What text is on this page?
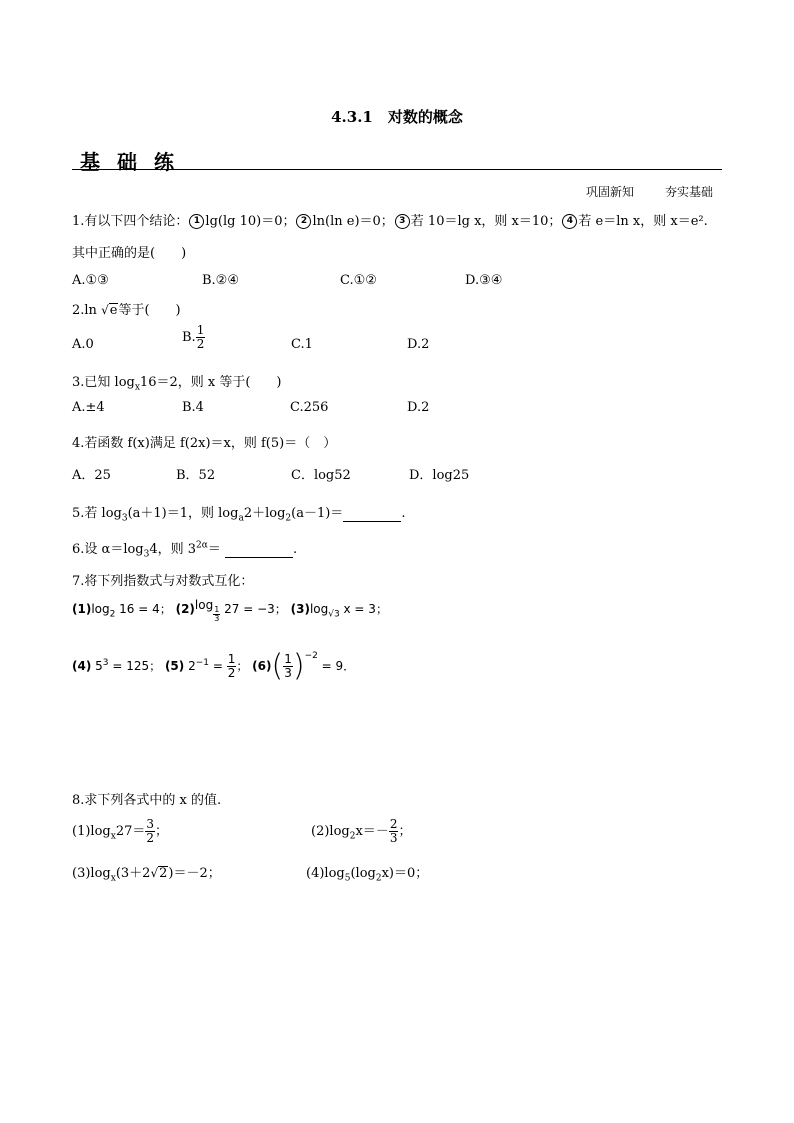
4.3.1　对数的概念
基础练
巩固新知	夯实基础
1.有以下四个结论： 1 lg(lg 10)＝0； 2 ln(ln e)＝0； 3 若 10＝lg x，则 x＝10； 4 若 e＝ln x，则 x＝e².
其中正确的是(　　)
A.①③	B.②④	C.①②	D.③④
2.ln √e等于(　　)
A.0	B. $\frac{1}{2}$	C.1	D.2
3.已知 $\log_x16=2$，则 x 等于(　　)
A.±4	B.4	C.256	D.2
4.若函数 f(x)满足 f(2x)＝x，则 f(5)＝（　）
A．25	B．52	C．log52	D．log25
5.若 $\log_3(a+1)=1$，则 $\log_a2+\log_2(a-1)=$	.
6.设 $\alpha=\log_34$，则 $3^{2\alpha}=$	.
7.将下列指数式与对数式互化：
$(1)\log_2$ 16 = 4； (2)log
$\frac{1}{3} 27 = -3$； $(3)\log_{√3}$ x = 3；
(4) $5^3 = 125$； (5) $2^{-1} = \frac{1}{2}$ ； $(6)( \frac{1}{3} )^{-2} = 9$．
8.求下列各式中的 x 的值.
$(1)\log_x27= \frac{3}{2}$ ；	$(2)\log_2x=- \frac{2}{3}$ ；
$(3)\log_x(3+2√2)=-2$；	$(4)\log_5(\log_2x)=0$；
